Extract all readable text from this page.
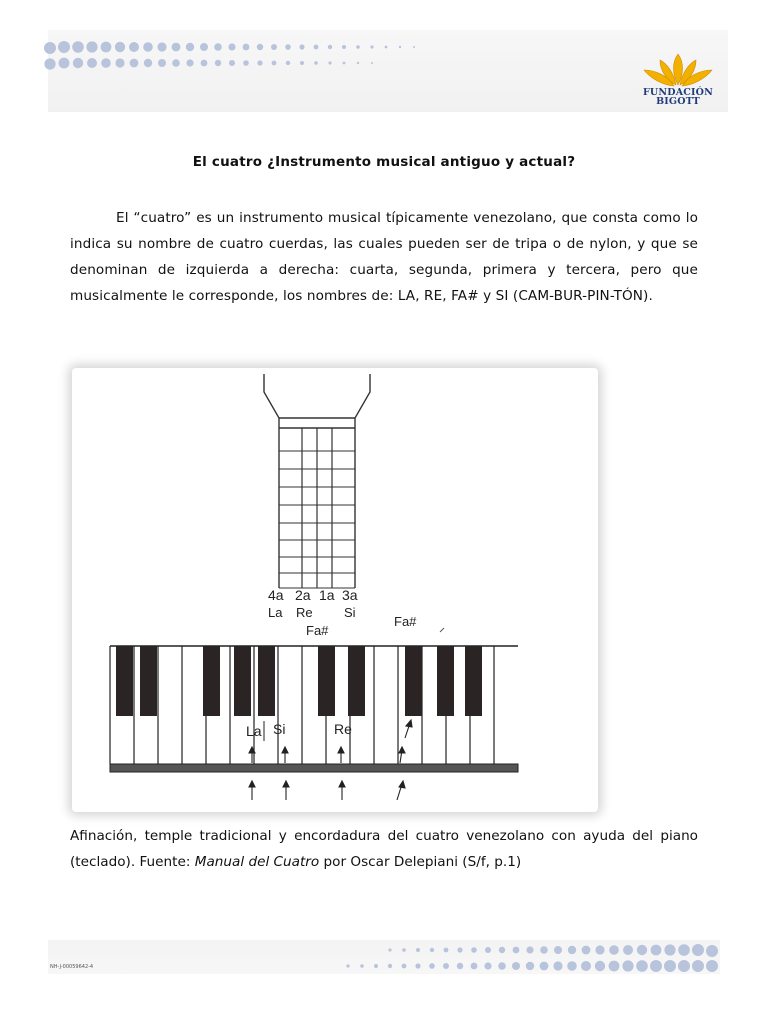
FUNDACIÓN
BIGOTT
El cuatro ¿Instrumento musical antiguo y actual?
El “cuatro” es un instrumento musical típicamente venezolano, que consta como lo indica su nombre de cuatro cuerdas, las cuales pueden ser de tripa o de nylon, y que se denominan de izquierda a derecha: cuarta, segunda, primera y tercera, pero que musicalmente le corresponde, los nombres de: LA, RE, FA# y SI (CAM-BUR-PIN-TÓN).
4a 2a 1a 3a
La Re Si
Fa#
Fa#
La Si	Re
Afinación, temple tradicional y encordadura del cuatro venezolano con ayuda del piano (teclado). Fuente: Manual del Cuatro por Oscar Delepiani (S/f, p.1)
NH-J-00059642-4
